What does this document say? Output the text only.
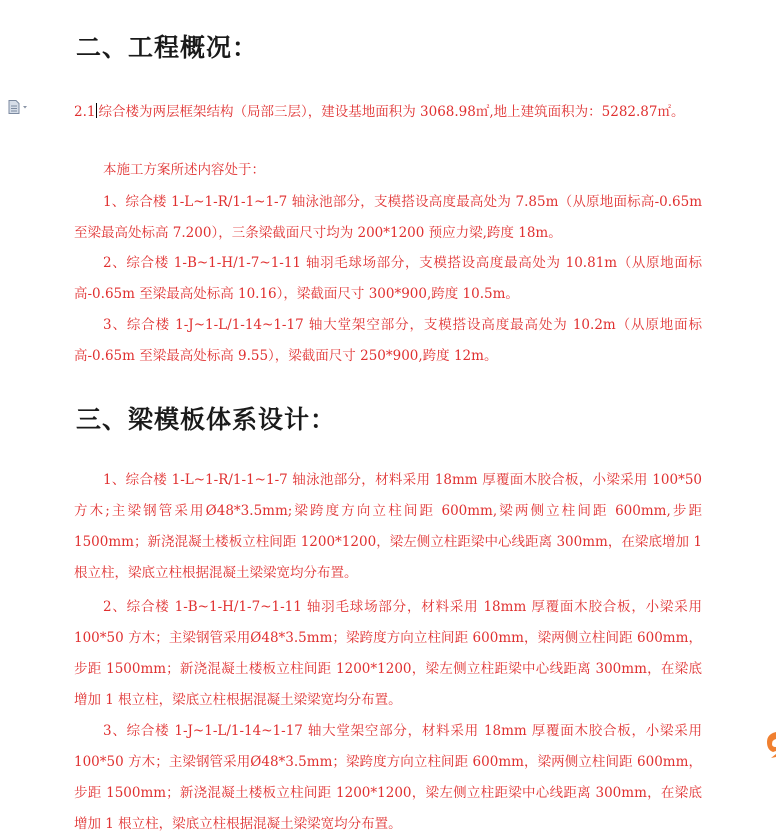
二、工程概况：

2.1 综合楼为两层框架结构（局部三层），建设基地面积为 3068.98㎡,地上建筑面积为：5282.87㎡。

本施工方案所述内容处于：

1、综合楼 1-L~1-R/1-1~1-7 轴泳池部分，支模搭设高度最高处为 7.85m（从原地面标高-0.65m 至梁最高处标高 7.200），三条梁截面尺寸均为 200*1200 预应力梁,跨度 18m。

2、综合楼 1-B~1-H/1-7~1-11 轴羽毛球场部分，支模搭设高度最高处为 10.81m（从原地面标高-0.65m 至梁最高处标高 10.16），梁截面尺寸 300*900,跨度 10.5m。

3、综合楼 1-J~1-L/1-14~1-17 轴大堂架空部分，支模搭设高度最高处为 10.2m（从原地面标高-0.65m 至梁最高处标高 9.55），梁截面尺寸 250*900,跨度 12m。

三、梁模板体系设计：

1、综合楼 1-L~1-R/1-1~1-7 轴泳池部分，材料采用 18mm 厚覆面木胶合板，小梁采用 100*50 方木;主梁钢管采用Ø48*3.5mm;梁跨度方向立柱间距 600mm,梁两侧立柱间距 600mm,步距 1500mm；新浇混凝土楼板立柱间距 1200*1200，梁左侧立柱距梁中心线距离 300mm，在梁底增加 1 根立柱，梁底立柱根据混凝土梁梁宽均分布置。

2、综合楼 1-B~1-H/1-7~1-11 轴羽毛球场部分，材料采用 18mm 厚覆面木胶合板，小梁采用 100*50 方木；主梁钢管采用Ø48*3.5mm；梁跨度方向立柱间距 600mm，梁两侧立柱间距 600mm，步距 1500mm；新浇混凝土楼板立柱间距 1200*1200，梁左侧立柱距梁中心线距离 300mm，在梁底增加 1 根立柱，梁底立柱根据混凝土梁梁宽均分布置。

3、综合楼 1-J~1-L/1-14~1-17 轴大堂架空部分，材料采用 18mm 厚覆面木胶合板，小梁采用 100*50 方木；主梁钢管采用Ø48*3.5mm；梁跨度方向立柱间距 600mm，梁两侧立柱间距 600mm，步距 1500mm；新浇混凝土楼板立柱间距 1200*1200，梁左侧立柱距梁中心线距离 300mm，在梁底增加 1 根立柱，梁底立柱根据混凝土梁梁宽均分布置。
